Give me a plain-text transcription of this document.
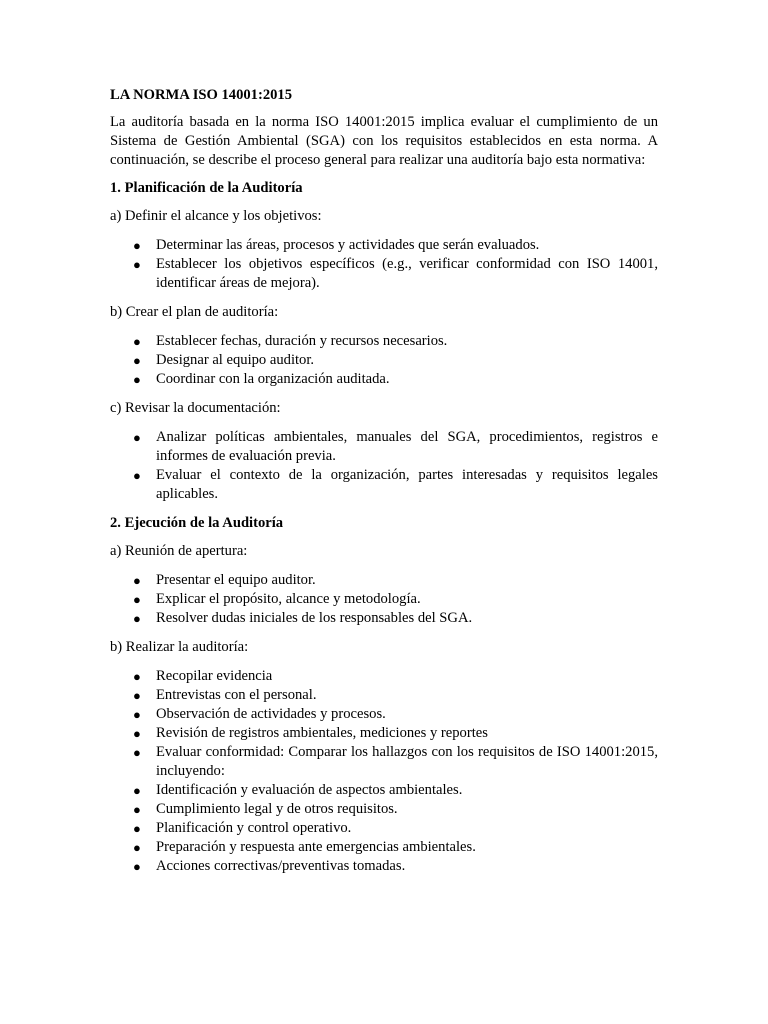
LA NORMA ISO 14001:2015
La auditoría basada en la norma ISO 14001:2015 implica evaluar el cumplimiento de un Sistema de Gestión Ambiental (SGA) con los requisitos establecidos en esta norma. A continuación, se describe el proceso general para realizar una auditoría bajo esta normativa:
1. Planificación de la Auditoría
a) Definir el alcance y los objetivos:
● Determinar las áreas, procesos y actividades que serán evaluados.
● Establecer los objetivos específicos (e.g., verificar conformidad con ISO 14001, identificar áreas de mejora).
b) Crear el plan de auditoría:
● Establecer fechas, duración y recursos necesarios.
● Designar al equipo auditor.
● Coordinar con la organización auditada.
c) Revisar la documentación:
● Analizar políticas ambientales, manuales del SGA, procedimientos, registros e informes de evaluación previa.
● Evaluar el contexto de la organización, partes interesadas y requisitos legales aplicables.
2. Ejecución de la Auditoría
a) Reunión de apertura:
● Presentar el equipo auditor.
● Explicar el propósito, alcance y metodología.
● Resolver dudas iniciales de los responsables del SGA.
b) Realizar la auditoría:
● Recopilar evidencia
● Entrevistas con el personal.
● Observación de actividades y procesos.
● Revisión de registros ambientales, mediciones y reportes
● Evaluar conformidad: Comparar los hallazgos con los requisitos de ISO 14001:2015, incluyendo:
● Identificación y evaluación de aspectos ambientales.
● Cumplimiento legal y de otros requisitos.
● Planificación y control operativo.
● Preparación y respuesta ante emergencias ambientales.
● Acciones correctivas/preventivas tomadas.
